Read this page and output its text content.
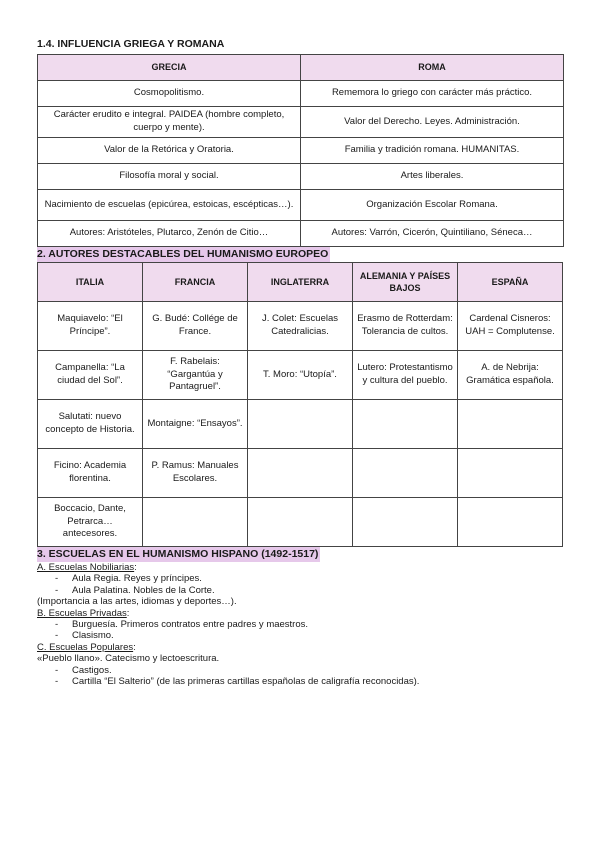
1.4. INFLUENCIA GRIEGA Y ROMANA

GRECIA	ROMA
Cosmopolitismo.	Rememora lo griego con carácter más práctico.
Carácter erudito e integral. PAIDEA (hombre completo, cuerpo y mente).	Valor del Derecho. Leyes. Administración.
Valor de la Retórica y Oratoria.	Familia y tradición romana. HUMANITAS.
Filosofía moral y social.	Artes liberales.
Nacimiento de escuelas (epicúrea, estoicas, escépticas…).	Organización Escolar Romana.
Autores: Aristóteles, Plutarco, Zenón de Citio…	Autores: Varrón, Cicerón, Quintiliano, Séneca…

2. AUTORES DESTACABLES DEL HUMANISMO EUROPEO

ITALIA	FRANCIA	INGLATERRA	ALEMANIA Y PAÍSES BAJOS	ESPAÑA
Maquiavelo: “El Príncipe”.	G. Budé: Collége de France.	J. Colet: Escuelas Catedralicias.	Erasmo de Rotterdam: Tolerancia de cultos.	Cardenal Cisneros: UAH = Complutense.
Campanella: “La ciudad del Sol”.	F. Rabelais: “Gargantúa y Pantagruel”.	T. Moro: “Utopía”.	Lutero: Protestantismo y cultura del pueblo.	A. de Nebrija: Gramática española.
Salutati: nuevo concepto de Historia.	Montaigne: “Ensayos”.			
Ficino: Academia florentina.	P. Ramus: Manuales Escolares.			
Boccacio, Dante, Petrarca… antecesores.				

3. ESCUELAS EN EL HUMANISMO HISPANO (1492-1517)

A. Escuelas Nobiliarias:

- Aula Regia. Reyes y príncipes.
- Aula Palatina. Nobles de la Corte.

(Importancia a las artes, idiomas y deportes…).

B. Escuelas Privadas:

- Burguesía. Primeros contratos entre padres y maestros.
- Clasismo.

C. Escuelas Populares:

«Pueblo llano». Catecismo y lectoescritura.

- Castigos.
- Cartilla “El Salterio” (de las primeras cartillas españolas de caligrafía reconocidas).
